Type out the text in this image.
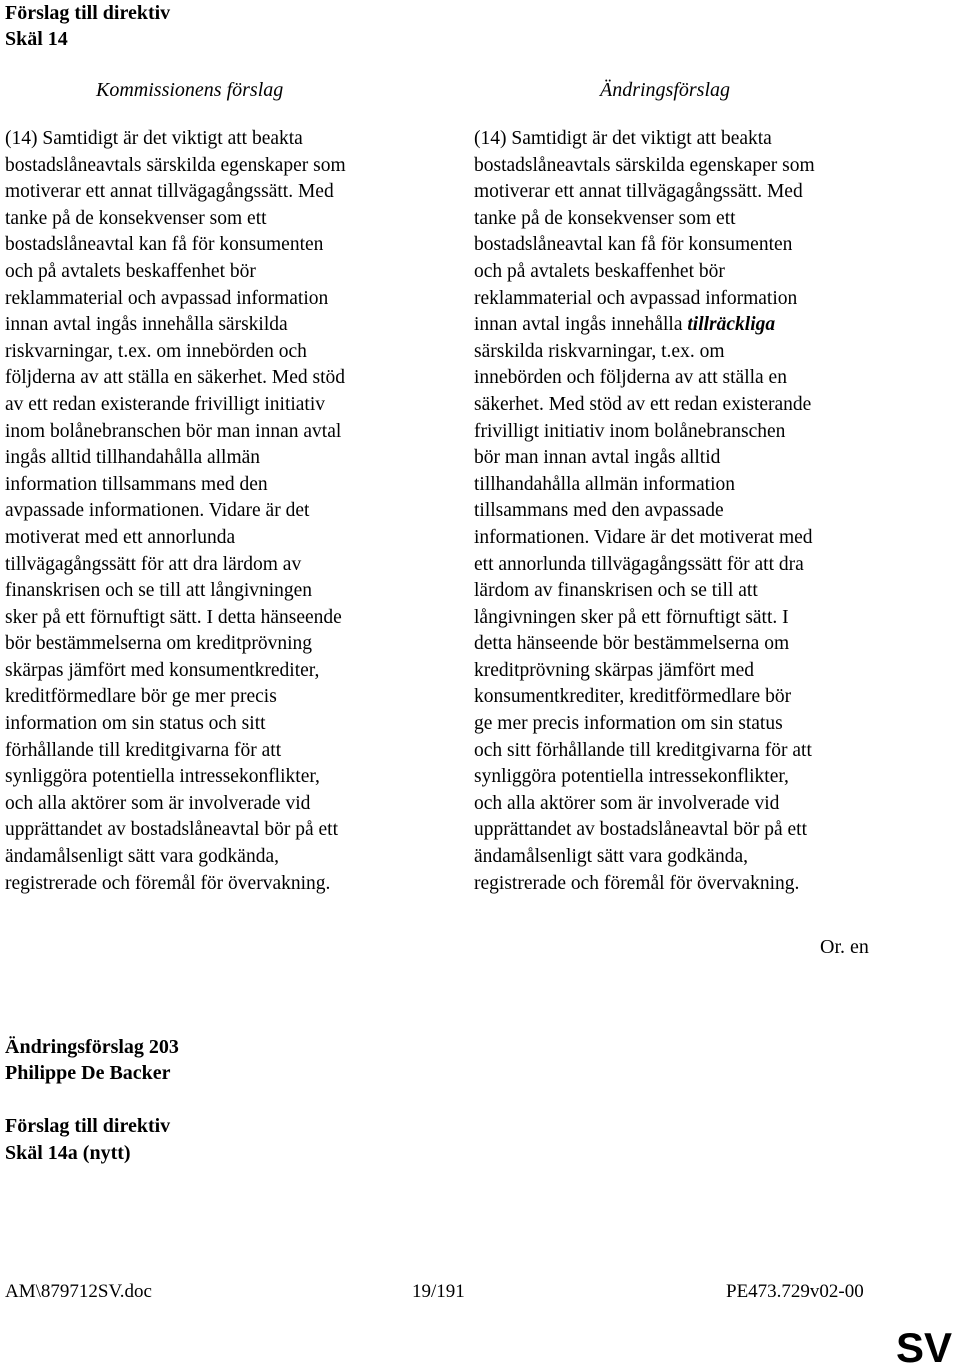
Förslag till direktiv
Skäl 14
Kommissionens förslag	Ändringsförslag
(14) Samtidigt är det viktigt att beakta
bostadslåneavtals särskilda egenskaper som
motiverar ett annat tillvägagångssätt. Med
tanke på de konsekvenser som ett
bostadslåneavtal kan få för konsumenten
och på avtalets beskaffenhet bör
reklammaterial och avpassad information
innan avtal ingås innehålla särskilda
riskvarningar, t.ex. om innebörden och
följderna av att ställa en säkerhet. Med stöd
av ett redan existerande frivilligt initiativ
inom bolånebranschen bör man innan avtal
ingås alltid tillhandahålla allmän
information tillsammans med den
avpassade informationen. Vidare är det
motiverat med ett annorlunda
tillvägagångssätt för att dra lärdom av
finanskrisen och se till att långivningen
sker på ett förnuftigt sätt. I detta hänseende
bör bestämmelserna om kreditprövning
skärpas jämfört med konsumentkrediter,
kreditförmedlare bör ge mer precis
information om sin status och sitt
förhållande till kreditgivarna för att
synliggöra potentiella intressekonflikter,
och alla aktörer som är involverade vid
upprättandet av bostadslåneavtal bör på ett
ändamålsenligt sätt vara godkända,
registrerade och föremål för övervakning.
(14) Samtidigt är det viktigt att beakta
bostadslåneavtals särskilda egenskaper som
motiverar ett annat tillvägagångssätt. Med
tanke på de konsekvenser som ett
bostadslåneavtal kan få för konsumenten
och på avtalets beskaffenhet bör
reklammaterial och avpassad information
innan avtal ingås innehålla tillräckliga
särskilda riskvarningar, t.ex. om
innebörden och följderna av att ställa en
säkerhet. Med stöd av ett redan existerande
frivilligt initiativ inom bolånebranschen
bör man innan avtal ingås alltid
tillhandahålla allmän information
tillsammans med den avpassade
informationen. Vidare är det motiverat med
ett annorlunda tillvägagångssätt för att dra
lärdom av finanskrisen och se till att
långivningen sker på ett förnuftigt sätt. I
detta hänseende bör bestämmelserna om
kreditprövning skärpas jämfört med
konsumentkrediter, kreditförmedlare bör
ge mer precis information om sin status
och sitt förhållande till kreditgivarna för att
synliggöra potentiella intressekonflikter,
och alla aktörer som är involverade vid
upprättandet av bostadslåneavtal bör på ett
ändamålsenligt sätt vara godkända,
registrerade och föremål för övervakning.
Or. en
Ändringsförslag 203
Philippe De Backer
Förslag till direktiv
Skäl 14a (nytt)
AM\879712SV.doc	19/191	PE473.729v02-00
SV
